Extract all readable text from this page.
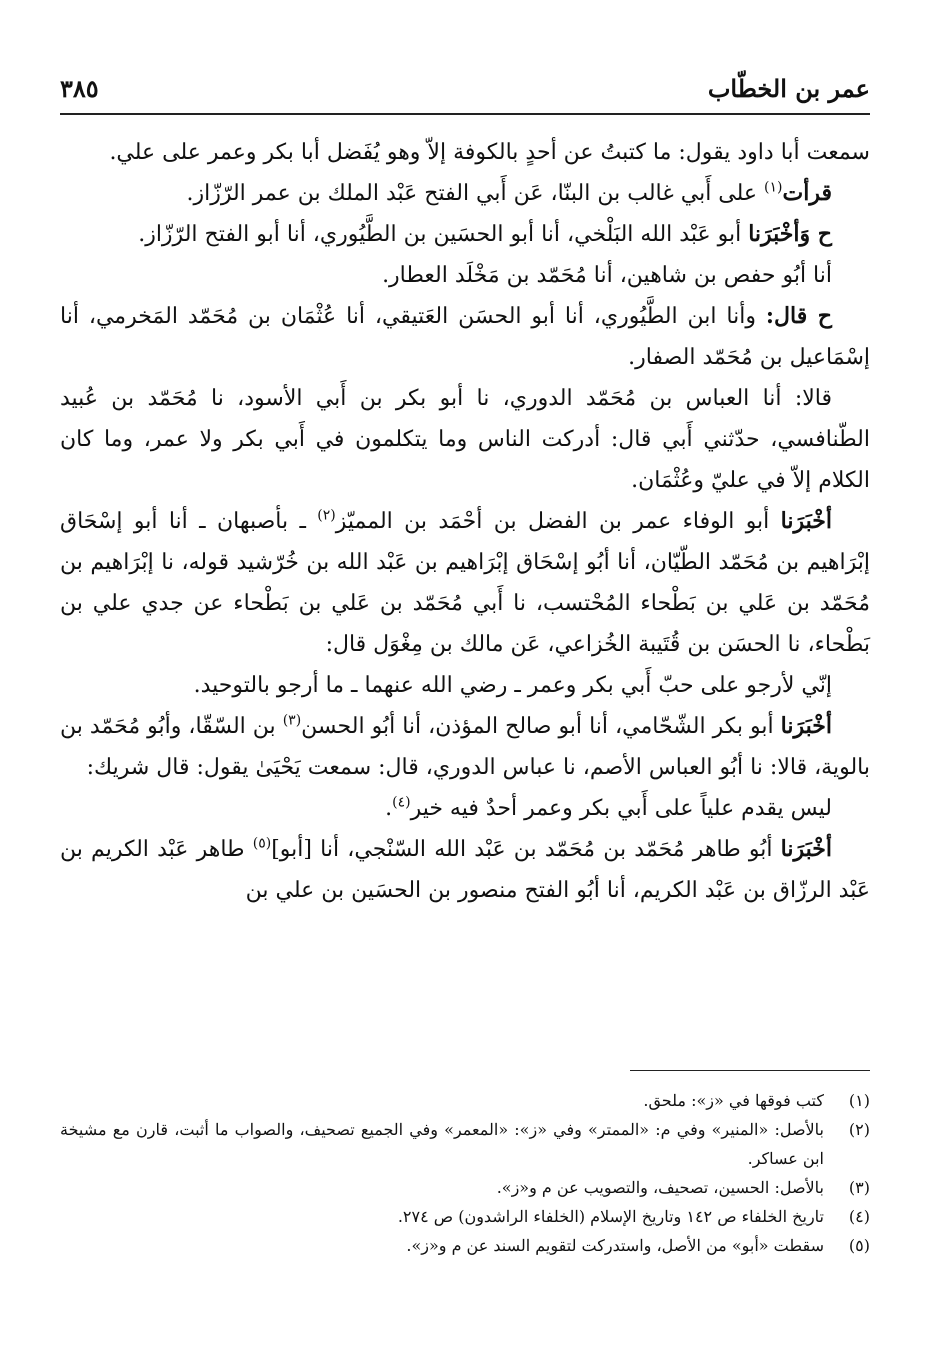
عمر بن الخطّاب
٣٨٥

سمعت أبا داود يقول: ما كتبتُ عن أحدٍ بالكوفة إلاّ وهو يُفَضل أبا بكر وعمر على علي.

قرأت$^{(١)}$ على أَبي غالب بن البنّا، عَن أَبي الفتح عَبْد الملك بن عمر الرّزّاز.

ح وَأخْبَرَنا أبو عَبْد الله البَلْخي، أنا أبو الحسَين بن الطَّيُوري، أنا أبو الفتح الرّزّاز.

أنا أبُو حفص بن شاهين، أنا مُحَمّد بن مَخْلَد العطار.

ح قال: وأنا ابن الطَّيُوري، أنا أبو الحسَن العَتيقي، أنا عُثْمَان بن مُحَمّد المَخرمي، أنا إسْمَاعيل بن مُحَمّد الصفار.

قالا: أنا العباس بن مُحَمّد الدوري، نا أبو بكر بن أَبي الأسود، نا مُحَمّد بن عُبيد الطّنافسي، حدّثني أَبي قال: أدركت الناس وما يتكلمون في أَبي بكر ولا عمر، وما كان الكلام إلاّ في عليّ وعُثْمَان.

أخْبَرَنا أبو الوفاء عمر بن الفضل بن أحْمَد بن المميّز$^{(٢)}$ ـ بأصبهان ـ أنا أبو إسْحَاق إبْرَاهيم بن مُحَمّد الطّيّان، أنا أبُو إسْحَاق إبْرَاهيم بن عَبْد الله بن خُرّشيد قوله، نا إبْرَاهيم بن مُحَمّد بن عَلي بن بَطْحاء المُحْتسب، نا أَبي مُحَمّد بن عَلي بن بَطْحاء عن جدي علي بن بَطْحاء، نا الحسَن بن قُتَيبة الخُزاعي، عَن مالك بن مِغْوَل قال:

إنّي لأرجو على حبّ أَبي بكر وعمر ـ رضي الله عنهما ـ ما أرجو بالتوحيد.

أخْبَرَنا أبو بكر الشّحّامي، أنا أبو صالح المؤذن، أنا أبُو الحسن$^{(٣)}$ بن السّقّا، وأبُو مُحَمّد بن بالوية، قالا: نا أبُو العباس الأصم، نا عباس الدوري، قال: سمعت يَحْيَىٰ يقول: قال شريك:

ليس يقدم علياً على أَبي بكر وعمر أحدٌ فيه خير$^{(٤)}$.

أخْبَرَنا أبُو طاهر مُحَمّد بن مُحَمّد بن عَبْد الله السّنْجي، أنا [أبو]$^{(٥)}$ طاهر عَبْد الكريم بن عَبْد الرزّاق بن عَبْد الكريم، أنا أبُو الفتح منصور بن الحسَين بن علي بن

(١)
كتب فوقها في «ز»: ملحق.
(٢)
بالأصل: «المنير» وفي م: «الممتر» وفي «ز»: «المعمر» وفي الجميع تصحيف، والصواب ما أثبت، قارن مع مشيخة ابن عساكر.
(٣)
بالأصل: الحسين، تصحيف، والتصويب عن م و«ز».
(٤)
تاريخ الخلفاء ص ١٤٢ وتاريخ الإسلام (الخلفاء الراشدون) ص ٢٧٤.
(٥)
سقطت «أبو» من الأصل، واستدركت لتقويم السند عن م و«ز».
